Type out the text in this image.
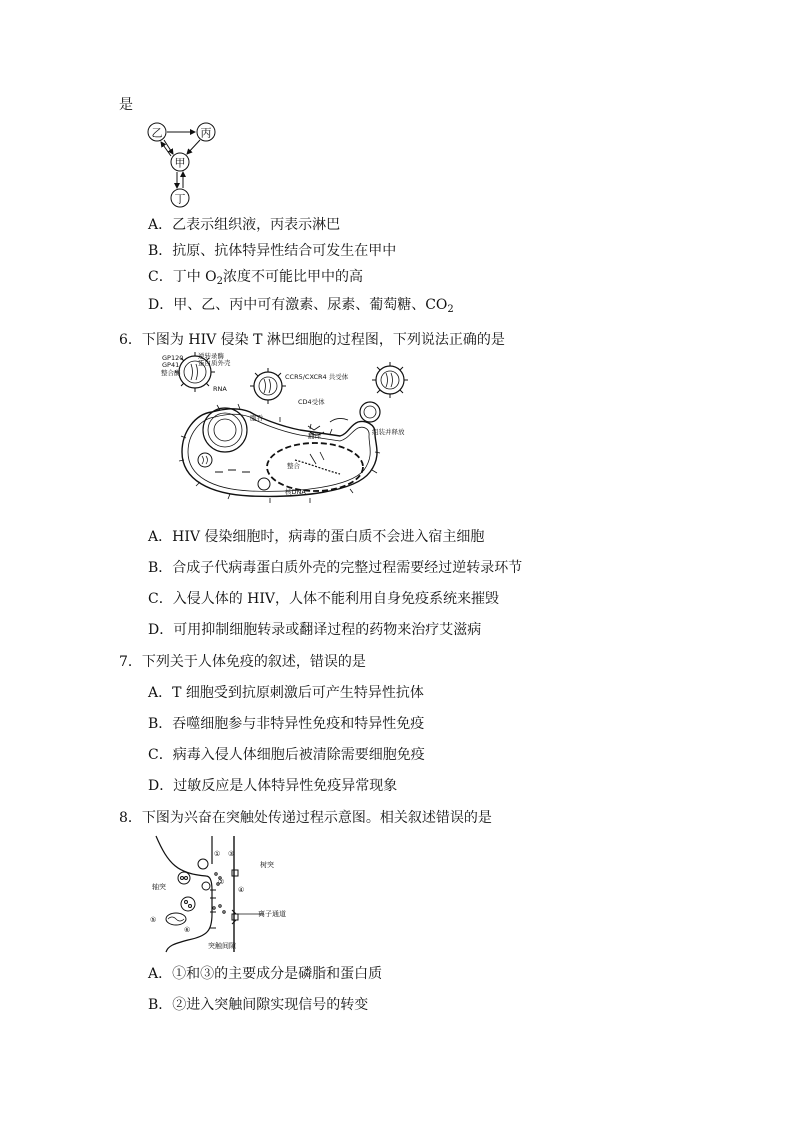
是
乙	丙
甲
丁
A．乙表示组织液，丙表示淋巴
B．抗原、抗体特异性结合可发生在甲中
C．丁中 $O_2$浓度不可能比甲中的高
D．甲、乙、丙中可有激素、尿素、葡萄糖、$CO_2$
6．下图为 HIV 侵染 T 淋巴细胞的过程图，下列说法正确的是
GP120
GP41
整合酶
逆转录酶
蛋白质外壳
RNA
CCR5/CXCR4 共受体
CD4受体
胞吞
翻译	组装并释放
整合
核DNA
A．HIV 侵染细胞时，病毒的蛋白质不会进入宿主细胞
B．合成子代病毒蛋白质外壳的完整过程需要经过逆转录环节
C．入侵人体的 HIV，人体不能利用自身免疫系统来摧毁
D．可用抑制细胞转录或翻译过程的药物来治疗艾滋病
7．下列关于人体免疫的叙述，错误的是
A．T 细胞受到抗原刺激后可产生特异性抗体
B．吞噬细胞参与非特异性免疫和特异性免疫
C．病毒入侵人体细胞后被清除需要细胞免疫
D．过敏反应是人体特异性免疫异常现象
8．下图为兴奋在突触处传递过程示意图。相关叙述错误的是
轴突
树突
离子通道
突触间隙
①
②
③
④
⑤
⑥
A．①和③的主要成分是磷脂和蛋白质
B．②进入突触间隙实现信号的转变
